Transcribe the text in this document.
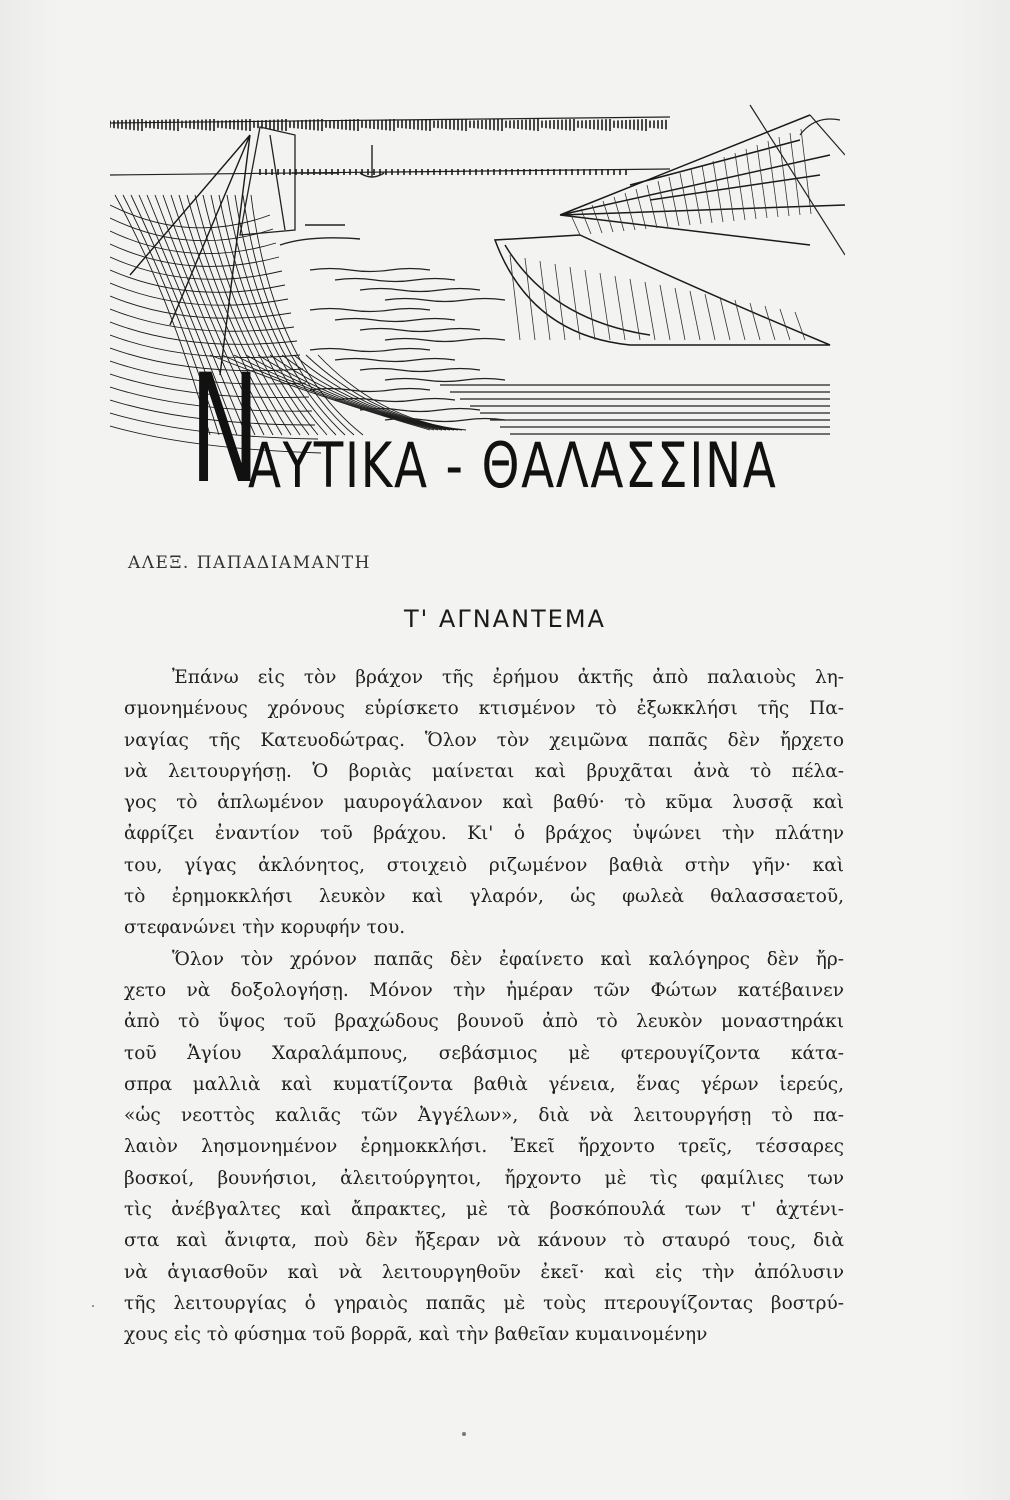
N
ΑΥΤΙΚΑ - ΘΑΛΑΣΣΙΝΑ
ΑΛΕΞ. ΠΑΠΑΔΙΑΜΑΝΤΗ
Τ' ΑΓΝΑΝΤΕΜΑ
Ἐπάνω εἰς τὸν βράχον τῆς ἐρήμου ἀκτῆς ἀπὸ παλαιοὺς λη-
σμονημένους χρόνους εὑρίσκετο κτισμένον τὸ ἐξωκκλήσι τῆς Πα-
ναγίας τῆς Κατευοδώτρας. Ὅλον τὸν χειμῶνα παπᾶς δὲν ἤρχετο
νὰ λειτουργήσῃ. Ὁ βοριὰς μαίνεται καὶ βρυχᾶται ἀνὰ τὸ πέλα-
γος τὸ ἁπλωμένον μαυρογάλανον καὶ βαθύ· τὸ κῦμα λυσσᾷ καὶ
ἀφρίζει ἐναντίον τοῦ βράχου. Κι' ὁ βράχος ὑψώνει τὴν πλάτην
του, γίγας ἀκλόνητος, στοιχειὸ ριζωμένον βαθιὰ στὴν γῆν· καὶ
τὸ ἐρημοκκλήσι λευκὸν καὶ γλαρόν, ὡς φωλεὰ θαλασσαετοῦ,
στεφανώνει τὴν κορυφήν του.
Ὅλον τὸν χρόνον παπᾶς δὲν ἐφαίνετο καὶ καλόγηρος δὲν ἤρ-
χετο νὰ δοξολογήσῃ. Μόνον τὴν ἡμέραν τῶν Φώτων κατέβαινεν
ἀπὸ τὸ ὕψος τοῦ βραχώδους βουνοῦ ἀπὸ τὸ λευκὸν μοναστηράκι
τοῦ Ἁγίου Χαραλάμπους, σεβάσμιος μὲ φτερουγίζοντα κάτα-
σπρα μαλλιὰ καὶ κυματίζοντα βαθιὰ γένεια, ἕνας γέρων ἱερεύς,
«ὡς νεοττὸς καλιᾶς τῶν Ἀγγέλων», διὰ νὰ λειτουργήσῃ τὸ πα-
λαιὸν λησμονημένον ἐρημοκκλήσι. Ἐκεῖ ἤρχοντο τρεῖς, τέσσαρες
βοσκοί, βουνήσιοι, ἀλειτούργητοι, ἤρχοντο μὲ τὶς φαμίλιες των
τὶς ἀνέβγαλτες καὶ ἄπρακτες, μὲ τὰ βοσκόπουλά των τ' ἀχτένι-
στα καὶ ἄνιφτα, ποὺ δὲν ἤξεραν νὰ κάνουν τὸ σταυρό τους, διὰ
νὰ ἁγιασθοῦν καὶ νὰ λειτουργηθοῦν ἐκεῖ· καὶ εἰς τὴν ἀπόλυσιν
τῆς λειτουργίας ὁ γηραιὸς παπᾶς μὲ τοὺς πτερουγίζοντας βοστρύ-
χους εἰς τὸ φύσημα τοῦ βορρᾶ, καὶ τὴν βαθεῖαν κυμαινομένην
